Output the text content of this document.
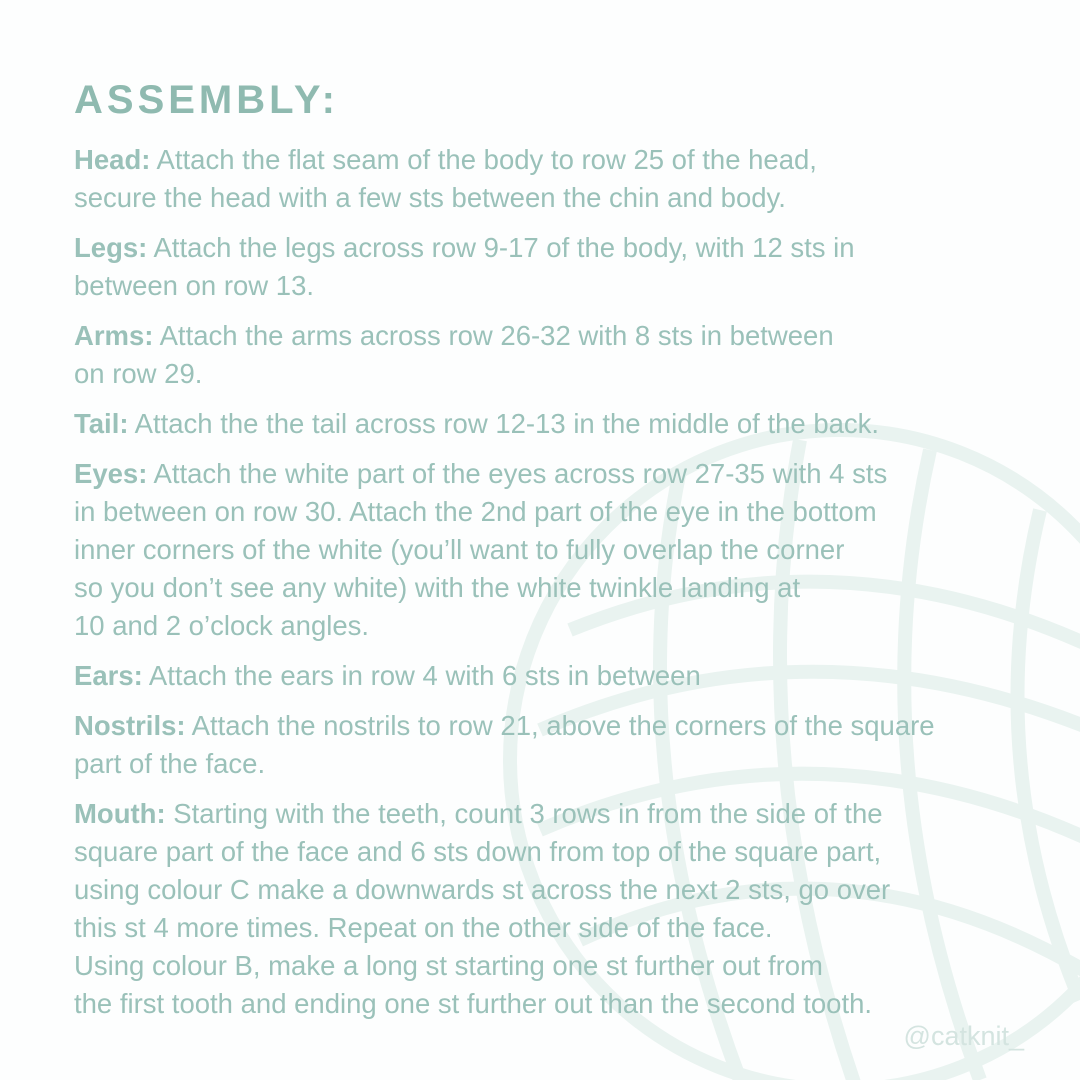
ASSEMBLY:
Head: Attach the flat seam of the body to row 25 of the head,
secure the head with a few sts between the chin and body.
Legs: Attach the legs across row 9-17 of the body, with 12 sts in
between on row 13.
Arms: Attach the arms across row 26-32 with 8 sts in between
on row 29.
Tail: Attach the the tail across row 12-13 in the middle of the back.
Eyes: Attach the white part of the eyes across row 27-35 with 4 sts
in between on row 30. Attach the 2nd part of the eye in the bottom
inner corners of the white (you’ll want to fully overlap the corner
so you don’t see any white) with the white twinkle landing at
10 and 2 o’clock angles.
Ears: Attach the ears in row 4 with 6 sts in between
Nostrils: Attach the nostrils to row 21, above the corners of the square
part of the face.
Mouth: Starting with the teeth, count 3 rows in from the side of the
square part of the face and 6 sts down from top of the square part,
using colour C make a downwards st across the next 2 sts, go over
this st 4 more times. Repeat on the other side of the face.
Using colour B, make a long st starting one st further out from
the first tooth and ending one st further out than the second tooth.
@catknit_
